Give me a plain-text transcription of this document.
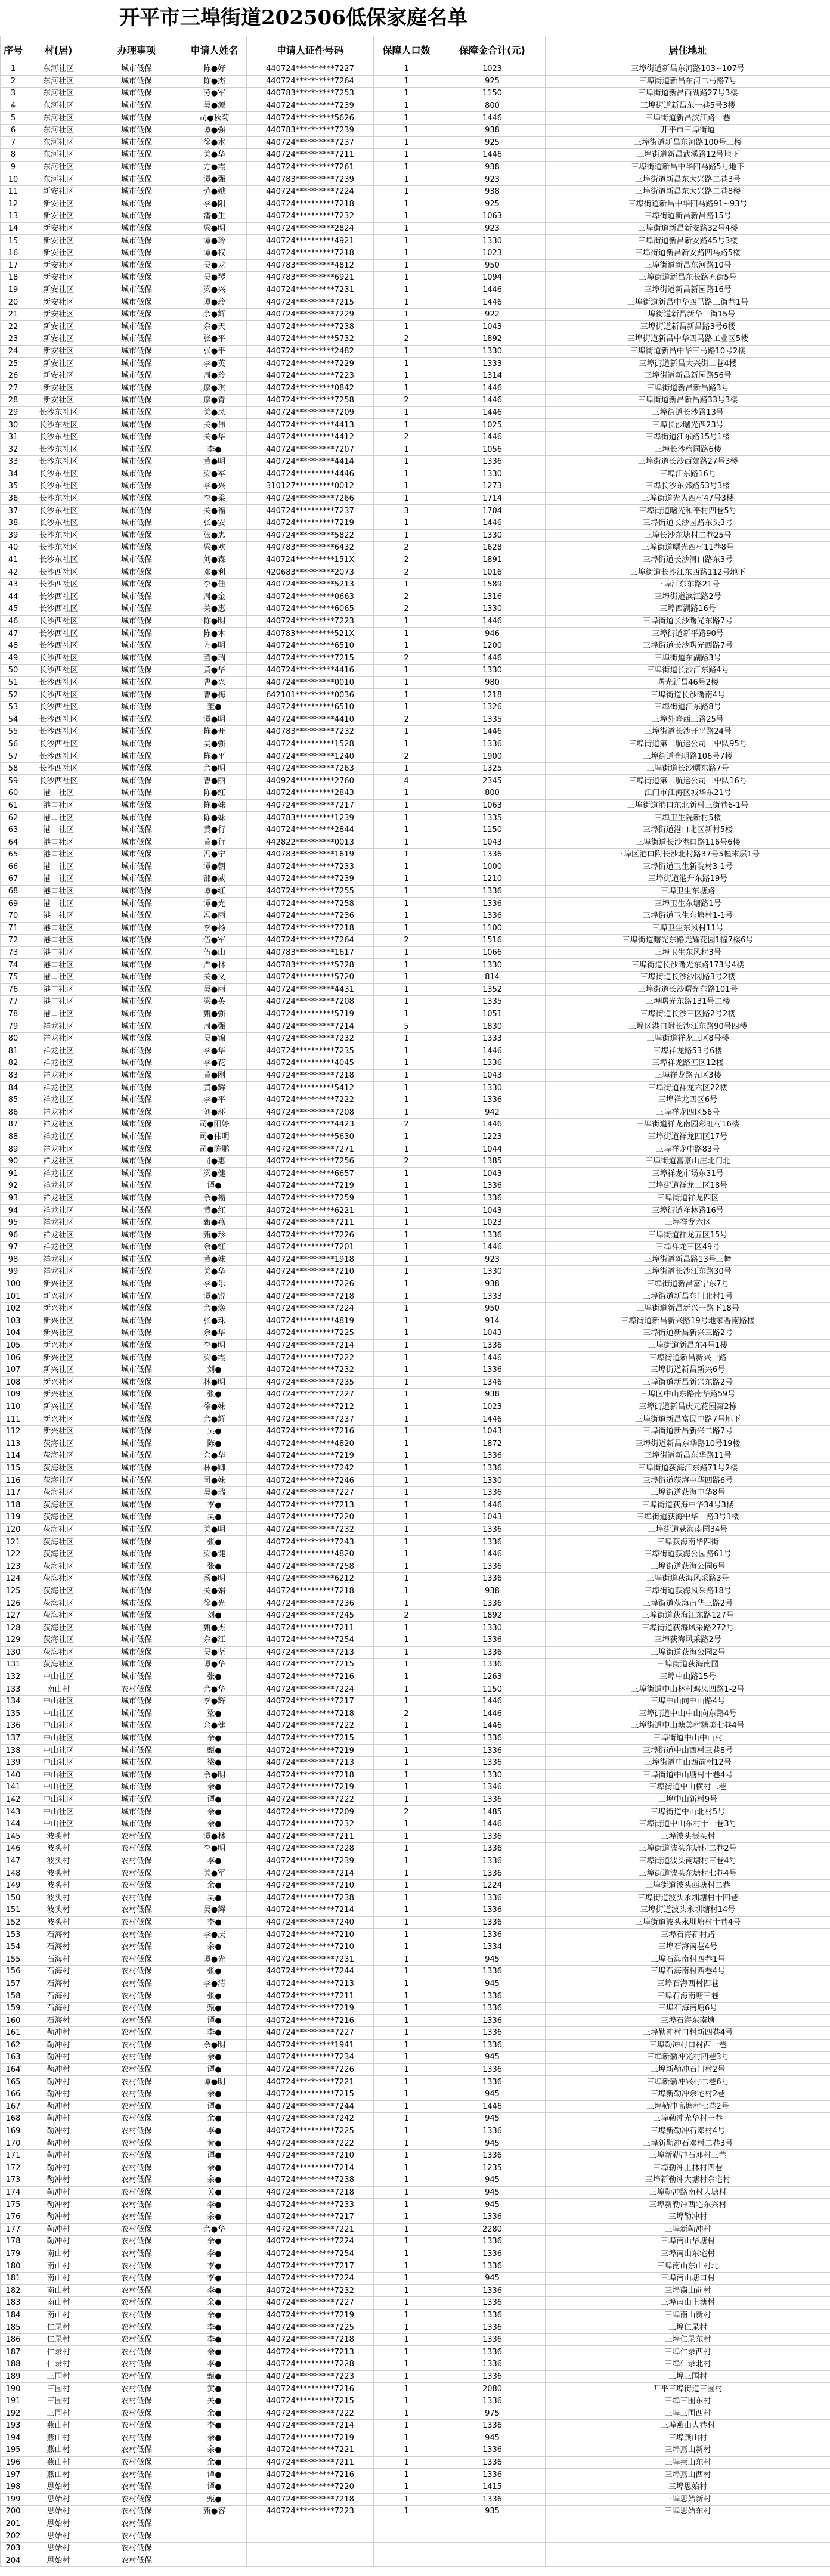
开平市三埠街道202506低保家庭名单
序号	村(居)	办理事项	申请人姓名	申请人证件号码	保障人口数	保障金合计(元)	居住地址
1	东河社区	城市低保	陈●好	440724**********7227	1	1023	三埠街道新昌东河路103~107号
2	东河社区	城市低保	陈●杰	440724**********7264	1	925	三埠街道新昌东河二马路7号
3	东河社区	城市低保	劳●军	440783**********7253	1	1150	三埠街道新昌西湖路27号3楼
4	东河社区	城市低保	吴●源	440724**********7239	1	800	三埠街道新昌东一巷5号3楼
5	东河社区	城市低保	司●秋菊	440724**********5626	1	1446	三埠街道新昌滨江路一巷
6	东河社区	城市低保	谭●强	440783**********7239	1	938	开平市三埠街道
7	东河社区	城市低保	徐●木	440724**********7237	1	925	三埠街道新昌东河路100号三楼
8	东河社区	城市低保	关●华	440724**********7211	1	1446	三埠街道新昌武溪路12号地下
9	东河社区	城市低保	方●霞	440724**********7261	1	938	三埠街道新昌中华四马路5号地下
10	东河社区	城市低保	谭●强	440783**********7239	1	923	三埠街道新昌东大兴路二巷3号
11	新安社区	城市低保	劳●娥	440724**********7224	1	938	三埠街道新昌东大兴路二巷8楼
12	新安社区	城市低保	李●阳	440724**********7218	1	925	三埠街道新昌中华四马路91~93号
13	新安社区	城市低保	潘●生	440724**********7232	1	1063	三埠街道新昌新昌路15号
14	新安社区	城市低保	梁●明	440724**********2824	1	923	三埠街道新昌新安路32号4楼
15	新安社区	城市低保	谭●玲	440724**********4921	1	1330	三埠街道新昌新安路45号3楼
16	新安社区	城市低保	谭●权	440724**********7218	1	1023	三埠街道新昌新安路四马路5楼
17	新安社区	城市低保	吴●龙	440783**********4812	1	950	三埠街道新昌东河路10号
18	新安社区	城市低保	吴●琴	440783**********6921	1	1094	三埠街道新昌东长路五街5号
19	新安社区	城市低保	梁●兴	440724**********7231	1	1446	三埠街道新昌新园路16号
20	新安社区	城市低保	谭●玲	440724**********7215	1	1446	三埠街道新昌中华四马路三街巷1号
21	新安社区	城市低保	余●辉	440724**********7229	1	922	三埠街道新昌新华三街15号
22	新安社区	城市低保	余●天	440724**********7238	1	1043	三埠街道新昌新昌路3号6楼
23	新安社区	城市低保	张●平	440724**********5732	2	1892	三埠街道新昌中华四马路工业区5楼
24	新安社区	城市低保	张●平	440724**********2482	1	1330	三埠街道新昌中华三马路10号2楼
25	新安社区	城市低保	李●英	440724**********7229	1	1333	三埠街道新昌大兴街二巷4楼
26	新安社区	城市低保	周●玲	440724**********7223	1	1314	三埠街道新昌新园路56号
27	新安社区	城市低保	廖●琪	440724**********0842	1	1446	三埠街道新昌新昌路3号
28	新安社区	城市低保	廖●青	440724**********7258	2	1446	三埠街道新昌新昌路33号3楼
29	长沙东社区	城市低保	关●凤	440724**********7209	1	1446	三埠街道长沙路13号
30	长沙东社区	城市低保	关●伟	440724**********4413	1	1025	三埠长沙曙光西23号
31	长沙东社区	城市低保	关●华	440724**********4412	2	1446	三埠街道江东路15号1楼
32	长沙东社区	城市低保	李●	440724**********7207	1	1056	三埠长沙梅园路6楼
33	长沙东社区	城市低保	黄●明	440724**********4414	1	1336	三埠街道长沙西郊路27号3楼
34	长沙东社区	城市低保	梁●军	440724**********4446	1	1330	三埠江东路16号
35	长沙东社区	城市低保	李●兴	310127**********0012	1	1273	三埠长沙东郊路53号3楼
36	长沙东社区	城市低保	李●柔	440724**********7266	1	1714	三埠街道光为西村47号3楼
37	长沙东社区	城市低保	关●福	440724**********7237	3	1704	三埠街道曙光和平村四巷5号
38	长沙东社区	城市低保	张●安	440724**********7219	1	1446	三埠街道长沙园路东头3号
39	长沙东社区	城市低保	张●忠	440724**********5822	1	1330	三埠长沙东塘村二巷25号
40	长沙东社区	城市低保	梁●欢	440783**********6432	2	1628	三埠街道曙光西村11巷8号
41	长沙东社区	城市低保	刘●森	440724**********151X	2	1891	三埠街道长沙河口路东3号
42	长沙西社区	城市低保	邓●利	420683**********2073	2	1016	三埠街道长沙江东西路112号地下
43	长沙西社区	城市低保	李●佳	440724**********5213	1	1589	三埠江东东路21号
44	长沙西社区	城市低保	周●金	440724**********0663	2	1316	三埠街道滨江路2号
45	长沙西社区	城市低保	关●惠	440724**********6065	2	1330	三埠西湖路16号
46	长沙西社区	城市低保	陈●明	440724**********7223	1	1446	三埠街道长沙曙光东路7号
47	长沙西社区	城市低保	陈●木	440783**********521X	1	946	三埠街道新平路90号
48	长沙西社区	城市低保	方●明	440724**********6510	1	1200	三埠街道长沙曙光西路7号
49	长沙西社区	城市低保	董●瑞	440724**********7215	2	1446	三埠街道东湖路3号
50	长沙西社区	城市低保	黄●华	440724**********4416	1	1330	三埠街道长沙江东路4号
51	长沙西社区	城市低保	曹●兴	440724**********0010	1	980	曙光新昌46号2楼
52	长沙西社区	城市低保	曹●梅	642101**********0036	1	1218	三埠街道长沙曙南4号
53	长沙西社区	城市低保	董●	440724**********6510	1	1326	三埠街道江东路8号
54	长沙西社区	城市低保	谭●明	440724**********4410	2	1335	三埠外峰西三路25号
55	长沙西社区	城市低保	陈●开	440783**********7232	1	1446	三埠街道长沙开平路24号
56	长沙西社区	城市低保	吴●强	440724**********1528	1	1336	三埠街道第二航运公司二中队95号
57	长沙西社区	城市低保	陈●平	440724**********1240	2	1900	三埠街道光明路106号7楼
58	长沙西社区	城市低保	余●明	440724**********7263	1	1325	三埠街道长沙曙东路7号
59	长沙西社区	城市低保	曹●丽	440924**********2760	4	2345	三埠街道第二航运公司二中队16号
60	港口社区	城市低保	陈●红	440724**********2843	1	800	江门市江海区城华东21号
61	港口社区	城市低保	陈●妹	440724**********7217	1	1063	三埠街道港口东北新村三街巷6-1号
62	港口社区	城市低保	陈●妹	440783**********1239	1	1335	三埠卫生院新村5楼
63	港口社区	城市低保	黄●行	440724**********2844	1	1150	三埠街道港口北区新村5楼
64	港口社区	城市低保	黄●行	442822**********0013	1	1043	三埠街道长沙港口路116号6楼
65	港口社区	城市低保	冯●宁	440783**********1619	1	1336	三埠区港口附长沙北村路37号5幢末层1号
66	港口社区	城市低保	谭●朝	440724**********7233	1	1000	三埠街道卫生新院村3-1号
67	港口社区	城市低保	邵●威	440724**********7239	1	1210	三埠街道港升东路19号
68	港口社区	城市低保	谭●红	440724**********7255	1	1336	三埠卫生东塘路
69	港口社区	城市低保	谭●光	440724**********7258	1	1336	三埠卫生东塘路1号
70	港口社区	城市低保	冯●丽	440724**********7236	1	1336	三埠街道卫生东塘村1-1号
71	港口社区	城市低保	李●杨	440724**********7218	1	1100	三埠卫生东风村11号
72	港口社区	城市低保	伍●军	440724**********7264	2	1516	三埠街道曙光东路光耀花园1幢7楼6号
73	港口社区	城市低保	伍●山	440783**********1617	1	1066	三埠卫生东风村3号
74	港口社区	城市低保	严●林	440783**********5728	1	1330	三埠街道长沙曙光东路173号4楼
75	港口社区	城市低保	关●文	440724**********5720	1	814	三埠街道长沙沙冈路3号2楼
76	港口社区	城市低保	吴●丽	440724**********4431	1	1352	三埠街道长沙曙光东路101号
77	港口社区	城市低保	梁●英	440724**********7208	1	1335	三埠曙光东路131号二楼
78	港口社区	城市低保	甄●强	440724**********5719	1	1051	三埠街道长沙三区路2号2楼
79	祥龙社区	城市低保	周●强	440724**********7214	5	1830	三埠区港口附长沙江东路90号四楼
80	祥龙社区	城市低保	吴●锦	440724**********7232	1	1333	三埠街道祥龙三区8号楼
81	祥龙社区	城市低保	李●华	440724**********7235	1	1446	三埠祥龙路53号6楼
82	祥龙社区	城市低保	李●花	440724**********4045	1	1336	三埠祥龙路五区12楼
83	祥龙社区	城市低保	黄●刚	440724**********7218	1	1043	三埠祥龙路五区3楼
84	祥龙社区	城市低保	黄●辉	440724**********5412	1	1330	三埠街道祥龙六区22楼
85	祥龙社区	城市低保	李●平	440724**********7222	1	1336	三埠祥龙四区6号
86	祥龙社区	城市低保	刘●环	440724**********7208	1	942	三埠祥龙四区56号
87	祥龙社区	城市低保	司●阳婷	440724**********4423	2	1446	三埠街道祥龙南园彩虹村16楼
88	祥龙社区	城市低保	司●伟明	440724**********5630	1	1223	三埠街道祥龙四区17号
89	祥龙社区	城市低保	司●陈鹏	440724**********7271	1	1044	三埠祥龙中路83号
90	祥龙社区	城市低保	司●惠	440724**********7256	2	1385	三埠街道富豪山庄北门北
91	祥龙社区	城市低保	梁●健	440724**********6657	1	1043	三埠祥龙市场东31号
92	祥龙社区	城市低保	谭●	440724**********7219	1	1336	三埠街道祥龙二区18号
93	祥龙社区	城市低保	余●福	440724**********7259	1	1336	三埠街道祥龙四区
94	祥龙社区	城市低保	黄●红	440724**********6221	1	1043	三埠街道祥林路16号
95	祥龙社区	城市低保	甄●燕	440724**********7211	1	1023	三埠祥龙六区
96	祥龙社区	城市低保	甄●珍	440724**********7226	1	1336	三埠街道祥龙五区15号
97	祥龙社区	城市低保	余●红	440724**********7201	1	1446	三埠祥龙三区49号
98	祥龙社区	城市低保	黄●妹	440724**********1918	1	923	三埠街道新昌路13号三幢
99	祥龙社区	城市低保	关●华	440724**********7210	1	1330	三埠街道长沙江东路30号
100	新兴社区	城市低保	李●乐	440724**********7226	1	938	三埠街道新昌富宁东7号
101	新兴社区	城市低保	谭●锐	440724**********7218	1	1333	三埠街道新昌东门北村1号
102	新兴社区	城市低保	余●焕	440724**********7224	1	950	三埠街道新昌新兴一路下18号
103	新兴社区	城市低保	张●珠	440724**********4819	1	914	三埠街道新昌新兴路19号地家香南路楼
104	新兴社区	城市低保	余●华	440724**********7225	1	1043	三埠街道新昌新兴三路2号
105	新兴社区	城市低保	李●明	440724**********7214	1	1336	三埠街道新昌东4号1楼
106	新兴社区	城市低保	梁●霞	440724**********7222	1	1446	三埠街道新昌新兴一路
107	新兴社区	城市低保	刘●	440724**********7232	1	1336	三埠街道新昌新兴6号
108	新兴社区	城市低保	林●明	440724**********7235	1	1346	三埠街道新昌新兴东路2号
109	新兴社区	城市低保	张●	440724**********7227	1	938	三埠区中山东路南华路59号
110	新兴社区	城市低保	徐●妹	440724**********7212	1	1023	三埠街道新昌庆元花园第2栋
111	新兴社区	城市低保	余●辉	440724**********7237	1	1446	三埠街道新昌富民中路7号地下
112	新兴社区	城市低保	吴●	440724**********7216	1	1043	三埠街道新昌新兴二路7号
113	荻海社区	城市低保	陈●	440724**********4820	1	1872	三埠街道新昌东华路10号19楼
114	荻海社区	城市低保	余●华	440724**********7219	1	1336	三埠街道新昌东华路11号
115	荻海社区	城市低保	林●卿	440724**********7242	1	1336	三埠街道荻海江东路71号2楼
116	荻海社区	城市低保	司●妹	440724**********7246	1	1330	三埠街道荻海中华四路6号
117	荻海社区	城市低保	吴●瑞	440724**********7227	1	1336	三埠街道荻海中华8号
118	荻海社区	城市低保	李●	440724**********7213	1	1446	三埠街道荻海中华34号3楼
119	荻海社区	城市低保	吴●	440724**********7220	1	1043	三埠街道荻海中华一路3号1楼
120	荻海社区	城市低保	关●明	440724**********7232	1	1336	三埠街道荻海南园34号
121	荻海社区	城市低保	张●	440724**********7243	1	1336	三埠荻海南华四街
122	荻海社区	城市低保	梁●健	440724**********4820	1	1446	三埠街道荻海公园路61号
123	荻海社区	城市低保	张●	440724**********7258	1	1336	三埠街道荻海公园6号
124	荻海社区	城市低保	汤●明	440724**********6212	1	1336	三埠街道荻海风采路3号
125	荻海社区	城市低保	关●娟	440724**********7218	1	938	三埠街道荻海风采路18号
126	荻海社区	城市低保	徐●光	440724**********7236	1	1336	三埠街道荻海南华三路2号
127	荻海社区	城市低保	刘●	440724**********7245	2	1892	三埠街道荻海江东路127号
128	荻海社区	城市低保	甄●杰	440724**********7211	1	1330	三埠街道荻海风采路272号
129	荻海社区	城市低保	余●江	440724**********7254	1	1336	三埠荻海风采路2号
130	荻海社区	城市低保	吴●坚	440724**********7213	1	1336	三埠街道荻海公园2号
131	荻海社区	城市低保	谭●华	440724**********7215	1	1336	三埠街道荻海南园
132	中山社区	城市低保	张●	440724**********7216	1	1263	三埠中山路15号
133	南山村	农村低保	余●华	440724**********7224	1	1150	三埠街道中山林村鸡凤凹路1-2号
134	中山社区	城市低保	李●辉	440724**********7217	1	1446	三埠中山向中山路4号
135	中山社区	城市低保	梁●	440724**********7218	2	1446	三埠街道中山中山向东路4号
136	中山社区	城市低保	余●健	440724**********7222	1	1446	三埠街道中山塘美村糖美七巷4号
137	中山社区	城市低保	余●	440724**********7215	1	1336	三埠街道中山中山村
138	中山社区	城市低保	甄●	440724**********7219	1	1336	三埠街道中山西村三巷8号
139	中山社区	城市低保	梁●	440724**********7213	1	1336	三埠街道中山西前村12号
140	中山社区	城市低保	余●明	440724**********7218	1	1330	三埠街道中山塘村十巷4号
141	中山社区	城市低保	余●	440724**********7219	1	1346	三埠街道中山横村二巷
142	中山社区	城市低保	谭●	440724**********7222	1	1336	三埠中山新村9号
143	中山社区	城市低保	余●	440724**********7209	2	1485	三埠街道中山北村5号
144	中山社区	城市低保	余●	440724**********7232	1	1446	三埠街道中山东村十一巷3号
145	波头村	农村低保	谭●林	440724**********7211	1	1336	三埠波头振头村
146	波头村	农村低保	李●明	440724**********7228	1	1336	三埠街道波头东塘村二巷2号
147	波头村	农村低保	李●	440724**********7239	1	1336	三埠街道波头南塘村三巷4号
148	波头村	农村低保	关●军	440724**********7214	1	1336	三埠街道波头东塘村七巷4号
149	波头村	农村低保	余●	440724**********7210	1	1224	三埠街道波头西塘村二巷
150	波头村	农村低保	吴●	440724**********7238	1	1336	三埠街道波头永圳塘村十四巷
151	波头村	农村低保	吴●辉	440724**********7214	1	1336	三埠街道波头永圳塘村14号
152	波头村	农村低保	李●	440724**********7240	1	1336	三埠街道波头永圳塘村十巷4号
153	石海村	农村低保	李●庆	440724**********7210	1	1336	三埠石海新村路
154	石海村	农村低保	余●	440724**********7210	1	1334	三埠石海南巷4号
155	石海村	农村低保	谭●光	440724**********7231	1	945	三埠石海南村四巷1号
156	石海村	农村低保	张●	440724**********7244	1	1336	三埠石海南村西巷4号
157	石海村	农村低保	李●清	440724**********7213	1	945	三埠石海西村四巷
158	石海村	农村低保	张●	440724**********7211	1	1336	三埠石海南塘三巷
159	石海村	农村低保	甄●	440724**********7219	1	1336	三埠石海南塘6号
160	石海村	农村低保	谭●	440724**********7216	1	1336	三埠石海东南塘
161	勒冲村	农村低保	李●	440724**********7227	1	1336	三埠勒冲村口村新四巷4号
162	勒冲村	农村低保	余●明	440724**********1941	1	1336	三埠勒冲村口村西一巷
163	勒冲村	农村低保	余●	440724**********7234	1	945	三埠新勒冲光村四巷3号
164	勒冲村	农村低保	谭●	440724**********7226	1	1336	三埠新勒冲石门村2号
165	勒冲村	农村低保	谭●明	440724**********7221	1	1336	三埠新勒冲兴村二巷6号
166	勒冲村	农村低保	余●	440724**********7215	1	945	三埠新勒冲余宅村2巷
167	勒冲村	农村低保	谭●	440724**********7244	1	1446	三埠勒冲高塘村七巷2号
168	勒冲村	农村低保	余●	440724**********7242	1	945	三埠勒冲光华村一巷
169	勒冲村	农村低保	李●	440724**********7225	1	1336	三埠新勒冲石邓村4号
170	勒冲村	农村低保	黄●	440724**********7222	1	945	三埠新勒冲石邓村二巷3号
171	勒冲村	农村低保	谭●	440724**********7210	1	1336	三埠新勒冲石邓村三巷
172	勒冲村	农村低保	余●	440724**********7214	1	1235	三埠勒冲上林村四巷
173	勒冲村	农村低保	余●	440724**********7238	1	945	三埠新勒冲大塘村余宅村
174	勒冲村	农村低保	关●	440724**********7218	1	945	三埠勒冲路南村大塘村
175	勒冲村	农村低保	李●	440724**********7233	1	945	三埠新勒冲西宅东兴村
176	勒冲村	农村低保	余●	440724**********7217	1	1336	三埠勒冲村
177	勒冲村	农村低保	余●华	440724**********7221	1	2280	三埠新勒冲村
178	勒冲村	农村低保	余●	440724**********7224	1	1336	三埠南山华塘村
179	南山村	农村低保	李●	440724**********7254	1	1336	三埠南山东宅村
180	南山村	农村低保	李●	440724**********7217	1	1336	三埠南山东山村北
181	南山村	农村低保	李●	440724**********7224	1	945	三埠南山塘口村
182	南山村	农村低保	李●	440724**********7232	1	1336	三埠南山前村
183	南山村	农村低保	余●	440724**********7227	1	1336	三埠南山上塘村
184	南山村	农村低保	余●	440724**********7219	1	1336	三埠南山新村
185	仁录村	农村低保	李●	440724**********7225	1	1336	三埠仁录村
186	仁录村	农村低保	李●	440724**********7218	1	1336	三埠仁录东村
187	仁录村	农村低保	余●	440724**********7213	1	1336	三埠仁录西村
188	仁录村	农村低保	李●	440724**********7228	1	1336	三埠仁录北村
189	三围村	农村低保	甄●	440724**********7223	1	1336	三埠三围村
190	三围村	农村低保	黄●	440724**********7216	1	2080	开平三埠街道三围村
191	三围村	农村低保	关●	440724**********7215	1	1336	三埠三围东村
192	三围村	农村低保	余●	440724**********7222	1	975	三埠三围西村
193	燕山村	农村低保	李●	440724**********7214	1	1336	三埠燕山大巷村
194	燕山村	农村低保	余●	440724**********7219	1	945	三埠燕山村
195	燕山村	农村低保	余●	440724**********7221	1	1336	三埠燕山新村
196	燕山村	农村低保	余●	440724**********7211	1	1336	三埠燕山东村
197	燕山村	农村低保	谭●	440724**********7216	1	1336	三埠燕山西村
198	思始村	农村低保	谭●	440724**********7220	1	1415	三埠思始村
199	思始村	农村低保	甄●	440724**********7218	1	1336	三埠思始新村
200	思始村	农村低保	甄●容	440724**********7223	1	935	三埠思始东村
201	思始村	农村低保					
202	思始村	农村低保					
203	思始村	农村低保					
204	思始村	农村低保					
